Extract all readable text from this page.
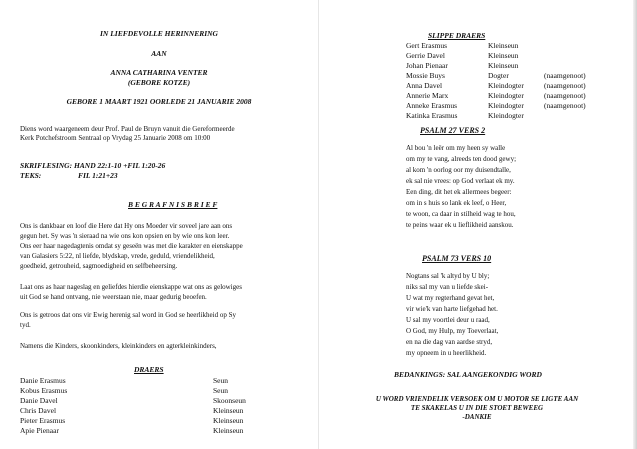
IN LIEFDEVOLLE HERINNERING
AAN
ANNA CATHARINA VENTER
(GEBORE KOTZE)
GEBORE 1 MAART 1921 OORLEDE 21 JANUARIE 2008
Diens word waargeneem deur Prof. Paul de Bruyn vanuit die Gereformeerde
Kerk Potchefstroom Sentraal op Vrydag 25 Januarie 2008 om 10:00
SKRIFLESING: HAND 22:1-10 +FIL 1:20-26
TEKS:	FIL 1:21+23
B E G R A F N I S B R I E F
Ons is dankbaar en loof die Here dat Hy ons Moeder vir soveel jare aan ons
gegun het. Sy was 'n sieraad na wie ons kon opsien en by wie ons kon leer.
Ons eer haar nagedagtenis omdat sy geseën was met die karakter en eienskappe
van Galasiers 5:22, nl liefde, blydskap, vrede, geduld, vriendelikheid,
goedheid, getrouheid, sagmoedigheid en selfbeheersing.
Laat ons as haar nageslag en geliefdes hierdie eienskappe wat ons as gelowiges
uit God se hand ontvang, nie weerstaan nie, maar gedurig beoefen.
Ons is getroos dat ons vir Ewig herenig sal word in God se heerlikheid op Sy
tyd.
Namens die Kinders, skoonkinders, kleinkinders en agterkleinkinders,
DRAERS
Danie Erasmus	Seun
Kobus Erasmus	Seun
Danie Davel	Skoonseun
Chris Davel	Kleinseun
Pieter Erasmus	Kleinseun
Apie Pienaar	Kleinseun
SLIPPE DRAERS
Gert Erasmus	Kleinseun
Gerrie Davel	Kleinseun
Johan Pienaar	Kleinseun
Mossie Buys	Dogter	(naamgenoot)
Anna Davel	Kleindogter	(naamgenoot)
Annerie Marx	Kleindogter	(naamgenoot)
Anneke Erasmus	Kleindogter	(naamgenoot)
Katinka Erasmus	Kleindogter
PSALM 27 VERS 2
Al bou 'n leër om my heen sy walle
om my te vang, alreeds ten dood gewy;
al kom 'n oorlog oor my duisendtalle,
ek sal nie vrees: op God verlaat ek my.
Een ding, dit het ek allermees begeer:
om in s huis so lank ek leef, o Heer,
te woon, ca daar in stilheid wag te hou,
te peins waar ek u lieflikheid aanskou.
PSALM 73 VERS 10
Nogtans sal 'k altyd by U bly;
niks sal my van u liefde skei-
U wat my regterhand gevat het,
vir wie'k van harte liefgehad het.
U sal my voortlei deur u raad,
O God, my Hulp, my Toeverlaat,
en na die dag van aardse stryd,
my opneem in u heerlikheid.
BEDANKINGS: SAL AANGEKONDIG WORD
U WORD VRIENDELIK VERSOEK OM U MOTOR SE LIGTE AAN
TE SKAKELAS U IN DIE STOET BEWEEG
-DANKIE
